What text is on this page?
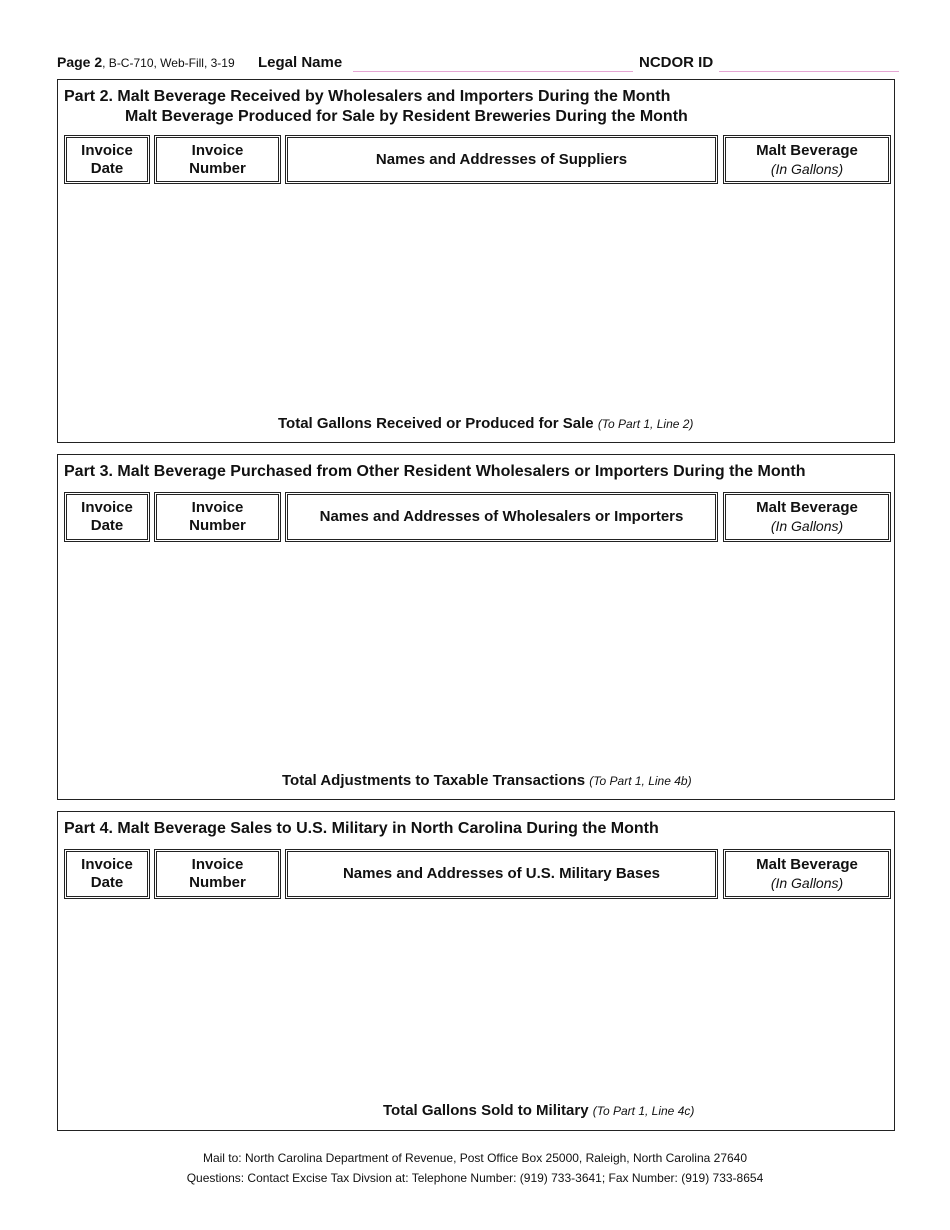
Page 2, B-C-710, Web-Fill, 3-19 Legal Name	NCDOR ID
Part 2. Malt Beverage Received by Wholesalers and Importers During the Month
Malt Beverage Produced for Sale by Resident Breweries During the Month
Invoice
Date
Invoice
Number
Names and Addresses of Suppliers
Malt Beverage
(In Gallons)
Total Gallons Received or Produced for Sale (To Part 1, Line 2)
Part 3. Malt Beverage Purchased from Other Resident Wholesalers or Importers During the Month
Invoice
Date
Invoice
Number
Names and Addresses of Wholesalers or Importers
Malt Beverage
(In Gallons)
Total Adjustments to Taxable Transactions (To Part 1, Line 4b)
Part 4. Malt Beverage Sales to U.S. Military in North Carolina During the Month
Invoice
Date
Invoice
Number
Names and Addresses of U.S. Military Bases
Malt Beverage
(In Gallons)
Total Gallons Sold to Military (To Part 1, Line 4c)
Mail to: North Carolina Department of Revenue, Post Office Box 25000, Raleigh, North Carolina 27640
Questions: Contact Excise Tax Divsion at: Telephone Number: (919) 733-3641; Fax Number: (919) 733-8654
